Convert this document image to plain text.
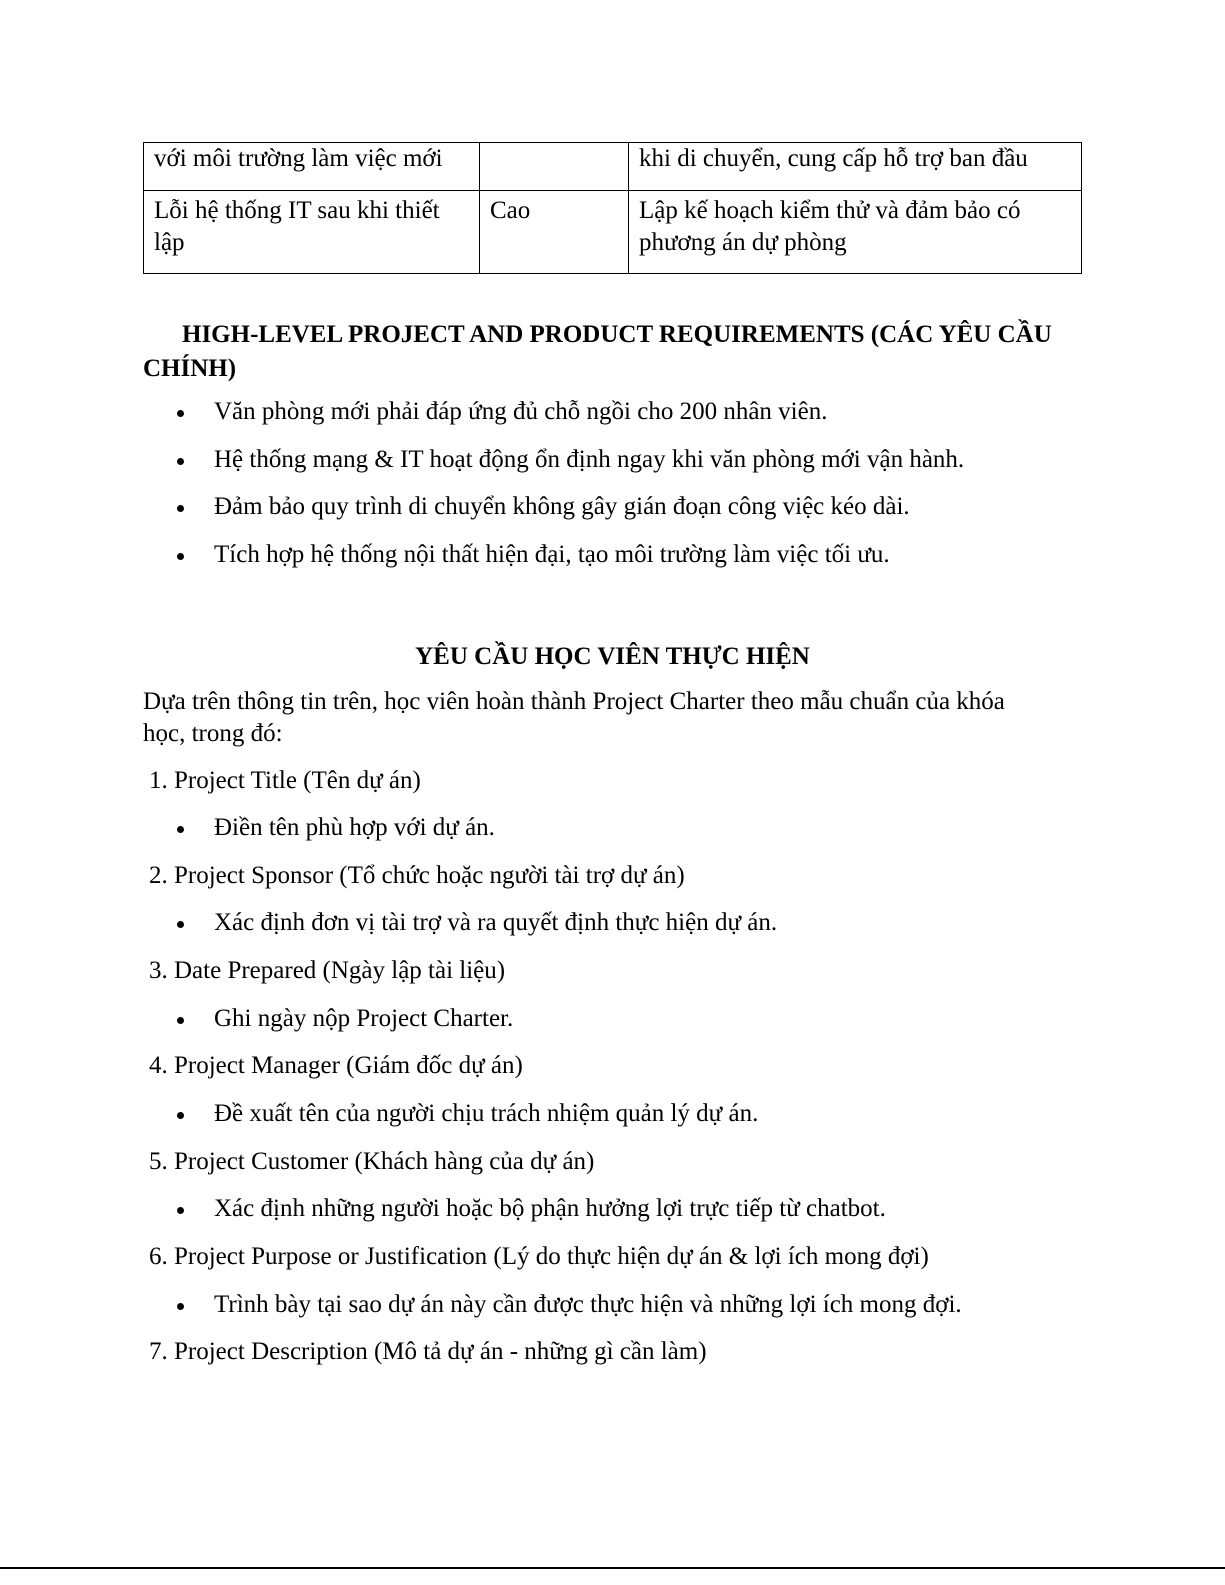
với môi trường làm việc mới		khi di chuyển, cung cấp hỗ trợ ban đầu
Lỗi hệ thống IT sau khi thiết lập	Cao	Lập kế hoạch kiểm thử và đảm bảo có phương án dự phòng
HIGH-LEVEL PROJECT AND PRODUCT REQUIREMENTS (CÁC YÊU CẦU CHÍNH)
Văn phòng mới phải đáp ứng đủ chỗ ngồi cho 200 nhân viên.
Hệ thống mạng & IT hoạt động ổn định ngay khi văn phòng mới vận hành.
Đảm bảo quy trình di chuyển không gây gián đoạn công việc kéo dài.
Tích hợp hệ thống nội thất hiện đại, tạo môi trường làm việc tối ưu.
YÊU CẦU HỌC VIÊN THỰC HIỆN
Dựa trên thông tin trên, học viên hoàn thành Project Charter theo mẫu chuẩn của khóa học, trong đó:
1. Project Title (Tên dự án)
Điền tên phù hợp với dự án.
2. Project Sponsor (Tổ chức hoặc người tài trợ dự án)
Xác định đơn vị tài trợ và ra quyết định thực hiện dự án.
3. Date Prepared (Ngày lập tài liệu)
Ghi ngày nộp Project Charter.
4. Project Manager (Giám đốc dự án)
Đề xuất tên của người chịu trách nhiệm quản lý dự án.
5. Project Customer (Khách hàng của dự án)
Xác định những người hoặc bộ phận hưởng lợi trực tiếp từ chatbot.
6. Project Purpose or Justification (Lý do thực hiện dự án & lợi ích mong đợi)
Trình bày tại sao dự án này cần được thực hiện và những lợi ích mong đợi.
7. Project Description (Mô tả dự án - những gì cần làm)
